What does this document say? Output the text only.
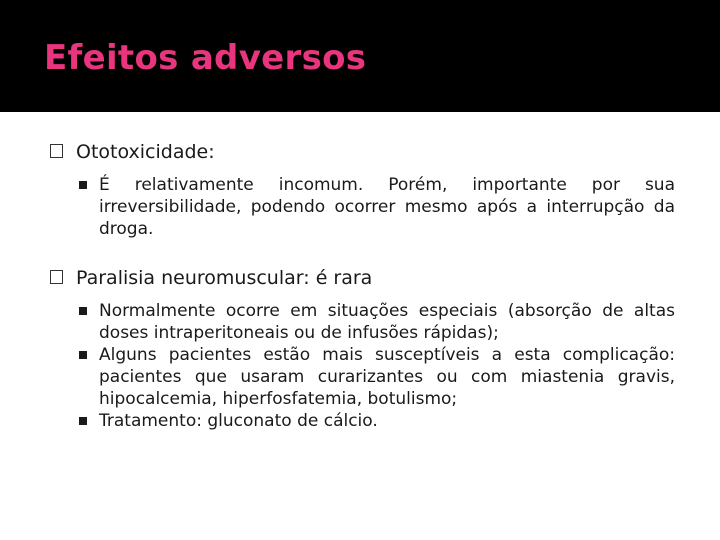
Efeitos adversos
Ototoxicidade:
É relativamente incomum. Porém, importante por sua irreversibilidade, podendo ocorrer mesmo após a interrupção da droga.
Paralisia neuromuscular: é rara
Normalmente ocorre em situações especiais (absorção de altas doses intraperitoneais ou de infusões rápidas);
Alguns pacientes estão mais susceptíveis a esta complicação: pacientes que usaram curarizantes ou com miastenia gravis, hipocalcemia, hiperfosfatemia, botulismo;
Tratamento: gluconato de cálcio.
